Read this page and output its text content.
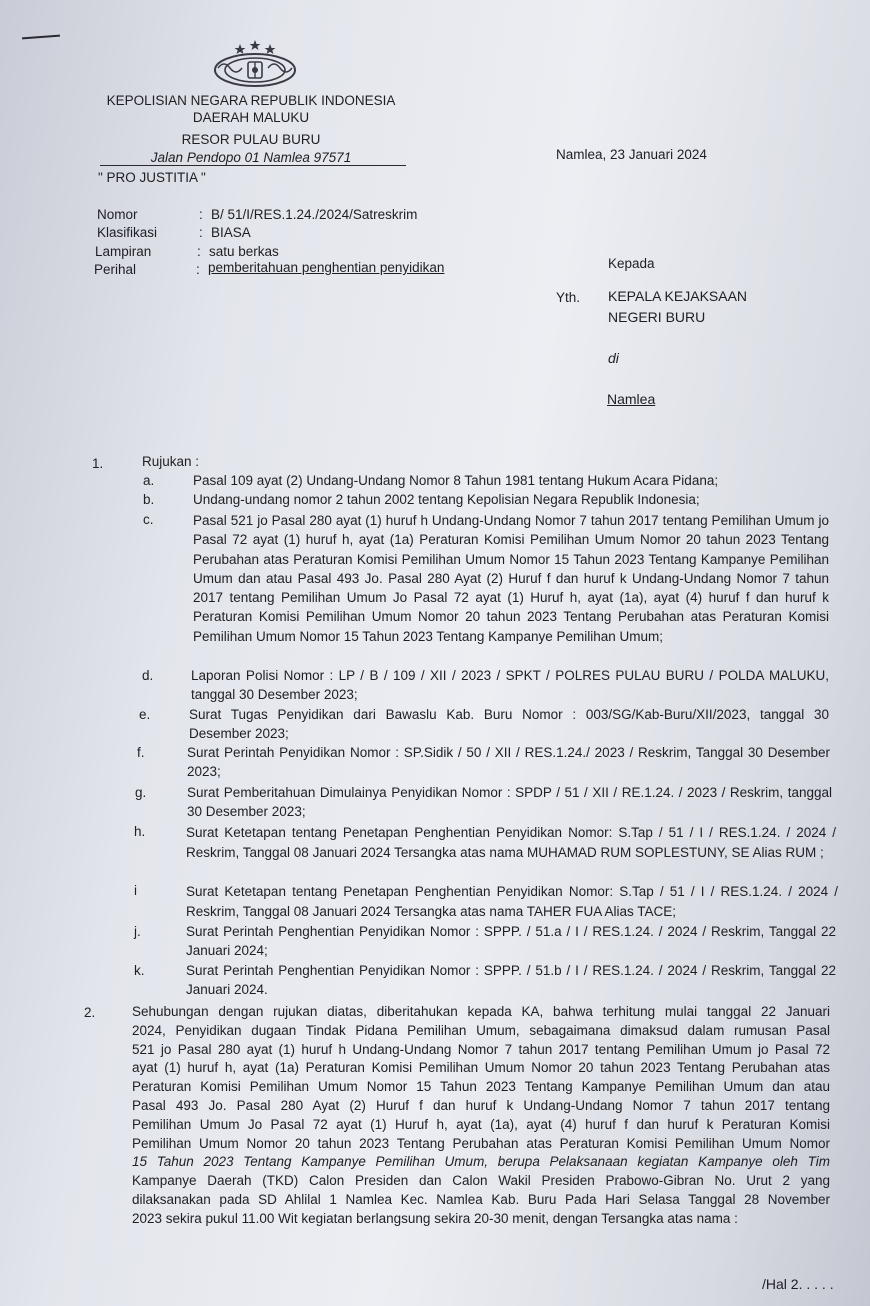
KEPOLISIAN NEGARA REPUBLIK INDONESIA
DAERAH MALUKU
RESOR PULAU BURU
Jalan Pendopo 01 Namlea 97571
" PRO JUSTITIA "
Namlea, 23 Januari 2024
Nomor	: B/ 51/I/RES.1.24./2024/Satreskrim
Klasifikasi	: BIASA
Lampiran	: satu berkas
Perihal	: pemberitahuan penghentian penyidikan	Kepada
Yth. KEPALA KEJAKSAAN
NEGERI BURU
di
Namlea
1.	Rujukan :
a.	Pasal 109 ayat (2) Undang-Undang Nomor 8 Tahun 1981 tentang Hukum Acara Pidana;
b.	Undang-undang nomor 2 tahun 2002 tentang Kepolisian Negara Republik Indonesia;
c.	Pasal 521 jo Pasal 280 ayat (1) huruf h Undang-Undang Nomor 7 tahun 2017 tentang Pemilihan Umum jo Pasal 72 ayat (1) huruf h, ayat (1a) Peraturan Komisi Pemilihan Umum Nomor 20 tahun 2023 Tentang Perubahan atas Peraturan Komisi Pemilihan Umum Nomor 15 Tahun 2023 Tentang Kampanye Pemilihan Umum dan atau Pasal 493 Jo. Pasal 280 Ayat (2) Huruf f dan huruf k Undang-Undang Nomor 7 tahun 2017 tentang Pemilihan Umum Jo Pasal 72 ayat (1) Huruf h, ayat (1a), ayat (4) huruf f dan huruf k Peraturan Komisi Pemilihan Umum Nomor 20 tahun 2023 Tentang Perubahan atas Peraturan Komisi Pemilihan Umum Nomor 15 Tahun 2023 Tentang Kampanye Pemilihan Umum;
d.	Laporan Polisi Nomor : LP / B / 109 / XII / 2023 / SPKT / POLRES PULAU BURU / POLDA MALUKU, tanggal 30 Desember 2023;
e.	Surat Tugas Penyidikan dari Bawaslu Kab. Buru Nomor : 003/SG/Kab-Buru/XII/2023, tanggal 30 Desember 2023;
f.	Surat Perintah Penyidikan Nomor : SP.Sidik / 50 / XII / RES.1.24./ 2023 / Reskrim, Tanggal 30 Desember 2023;
g.	Surat Pemberitahuan Dimulainya Penyidikan Nomor : SPDP / 51 / XII / RE.1.24. / 2023 / Reskrim, tanggal 30 Desember 2023;
h.	Surat Ketetapan tentang Penetapan Penghentian Penyidikan Nomor: S.Tap / 51 / I / RES.1.24. / 2024 / Reskrim, Tanggal 08 Januari 2024 Tersangka atas nama MUHAMAD RUM SOPLESTUNY, SE Alias RUM ;
i	Surat Ketetapan tentang Penetapan Penghentian Penyidikan Nomor: S.Tap / 51 / I / RES.1.24. / 2024 / Reskrim, Tanggal 08 Januari 2024 Tersangka atas nama TAHER FUA Alias TACE;
j.	Surat Perintah Penghentian Penyidikan Nomor : SPPP. / 51.a / I / RES.1.24. / 2024 / Reskrim, Tanggal 22 Januari 2024;
k.	Surat Perintah Penghentian Penyidikan Nomor : SPPP. / 51.b / I / RES.1.24. / 2024 / Reskrim, Tanggal 22 Januari 2024.
2.	Sehubungan dengan rujukan diatas, diberitahukan kepada KA, bahwa terhitung mulai tanggal 22 Januari
2024, Penyidikan dugaan Tindak Pidana Pemilihan Umum, sebagaimana dimaksud dalam rumusan Pasal
521 jo Pasal 280 ayat (1) huruf h Undang-Undang Nomor 7 tahun 2017 tentang Pemilihan Umum jo Pasal 72
ayat (1) huruf h, ayat (1a) Peraturan Komisi Pemilihan Umum Nomor 20 tahun 2023 Tentang Perubahan atas
Peraturan Komisi Pemilihan Umum Nomor 15 Tahun 2023 Tentang Kampanye Pemilihan Umum dan atau
Pasal 493 Jo. Pasal 280 Ayat (2) Huruf f dan huruf k Undang-Undang Nomor 7 tahun 2017 tentang
Pemilihan Umum Jo Pasal 72 ayat (1) Huruf h, ayat (1a), ayat (4) huruf f dan huruf k Peraturan Komisi
Pemilihan Umum Nomor 20 tahun 2023 Tentang Perubahan atas Peraturan Komisi Pemilihan Umum Nomor
15 Tahun 2023 Tentang Kampanye Pemilihan Umum, berupa Pelaksanaan kegiatan Kampanye oleh Tim
Kampanye Daerah (TKD) Calon Presiden dan Calon Wakil Presiden Prabowo-Gibran No. Urut 2 yang
dilaksanakan pada SD Ahlilal 1 Namlea Kec. Namlea Kab. Buru Pada Hari Selasa Tanggal 28 November
2023 sekira pukul 11.00 Wit kegiatan berlangsung sekira 20-30 menit, dengan Tersangka atas nama :
/Hal 2. . . . .
